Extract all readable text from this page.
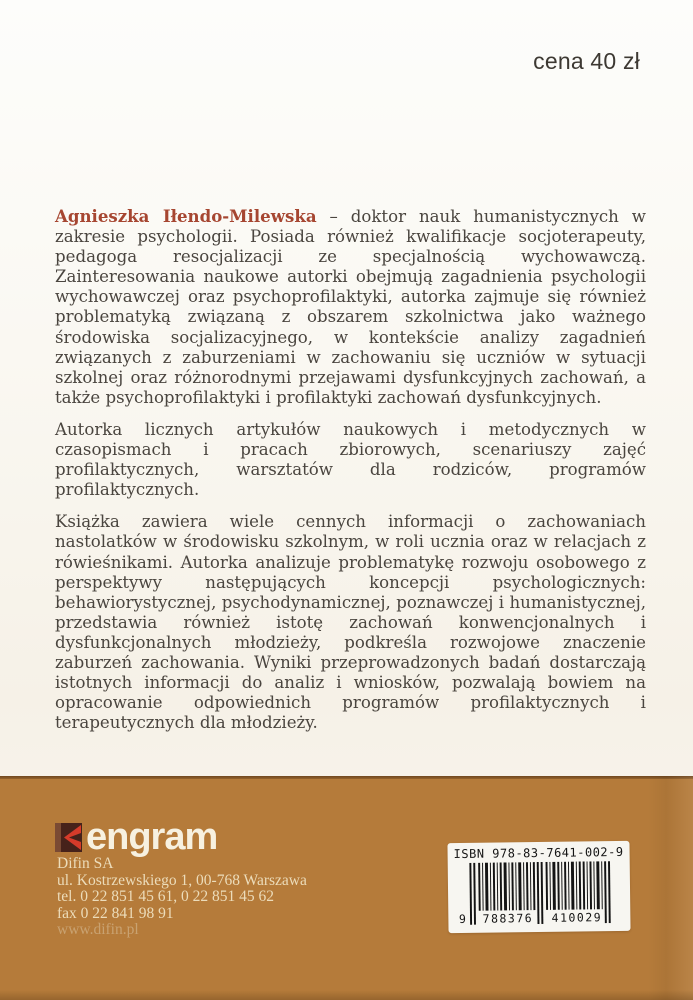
cena 40 zł

Agnieszka Iłendo-Milewska – doktor nauk humanistycznych w zakresie psychologii. Posiada również kwalifikacje socjoterapeuty, pedagoga resocjalizacji ze specjalnością wychowawczą. Zainteresowania naukowe autorki obejmują zagadnienia psychologii wychowawczej oraz psychoprofilaktyki, autorka zajmuje się również problematyką związaną z obszarem szkolnictwa jako ważnego środowiska socjalizacyjnego, w kontekście analizy zagadnień związanych z zaburzeniami w zachowaniu się uczniów w sytuacji szkolnej oraz różnorodnymi przejawami dysfunkcyjnych zachowań, a także psychoprofilaktyki i profilaktyki zachowań dysfunkcyjnych.

Autorka licznych artykułów naukowych i metodycznych w czasopismach i pracach zbiorowych, scenariuszy zajęć profilaktycznych, warsztatów dla rodziców, programów profilaktycznych.

Książka zawiera wiele cennych informacji o zachowaniach nastolatków w środowisku szkolnym, w roli ucznia oraz w relacjach z rówieśnikami. Autorka analizuje problematykę rozwoju osobowego z perspektywy następujących koncepcji psychologicznych: behawiorystycznej, psychodynamicznej, poznawczej i humanistycznej, przedstawia również istotę zachowań konwencjonalnych i dysfunkcjonalnych młodzieży, podkreśla rozwojowe znaczenie zaburzeń zachowania. Wyniki przeprowadzonych badań dostarczają istotnych informacji do analiz i wniosków, pozwalają bowiem na opracowanie odpowiednich programów profilaktycznych i terapeutycznych dla młodzieży.

engram
Difin SA
ul. Kostrzewskiego 1, 00-768 Warszawa
tel. 0 22 851 45 61, 0 22 851 45 62
fax 0 22 841 98 91
www.difin.pl
ISBN 978-83-7641-002-9
9	788376	410029
